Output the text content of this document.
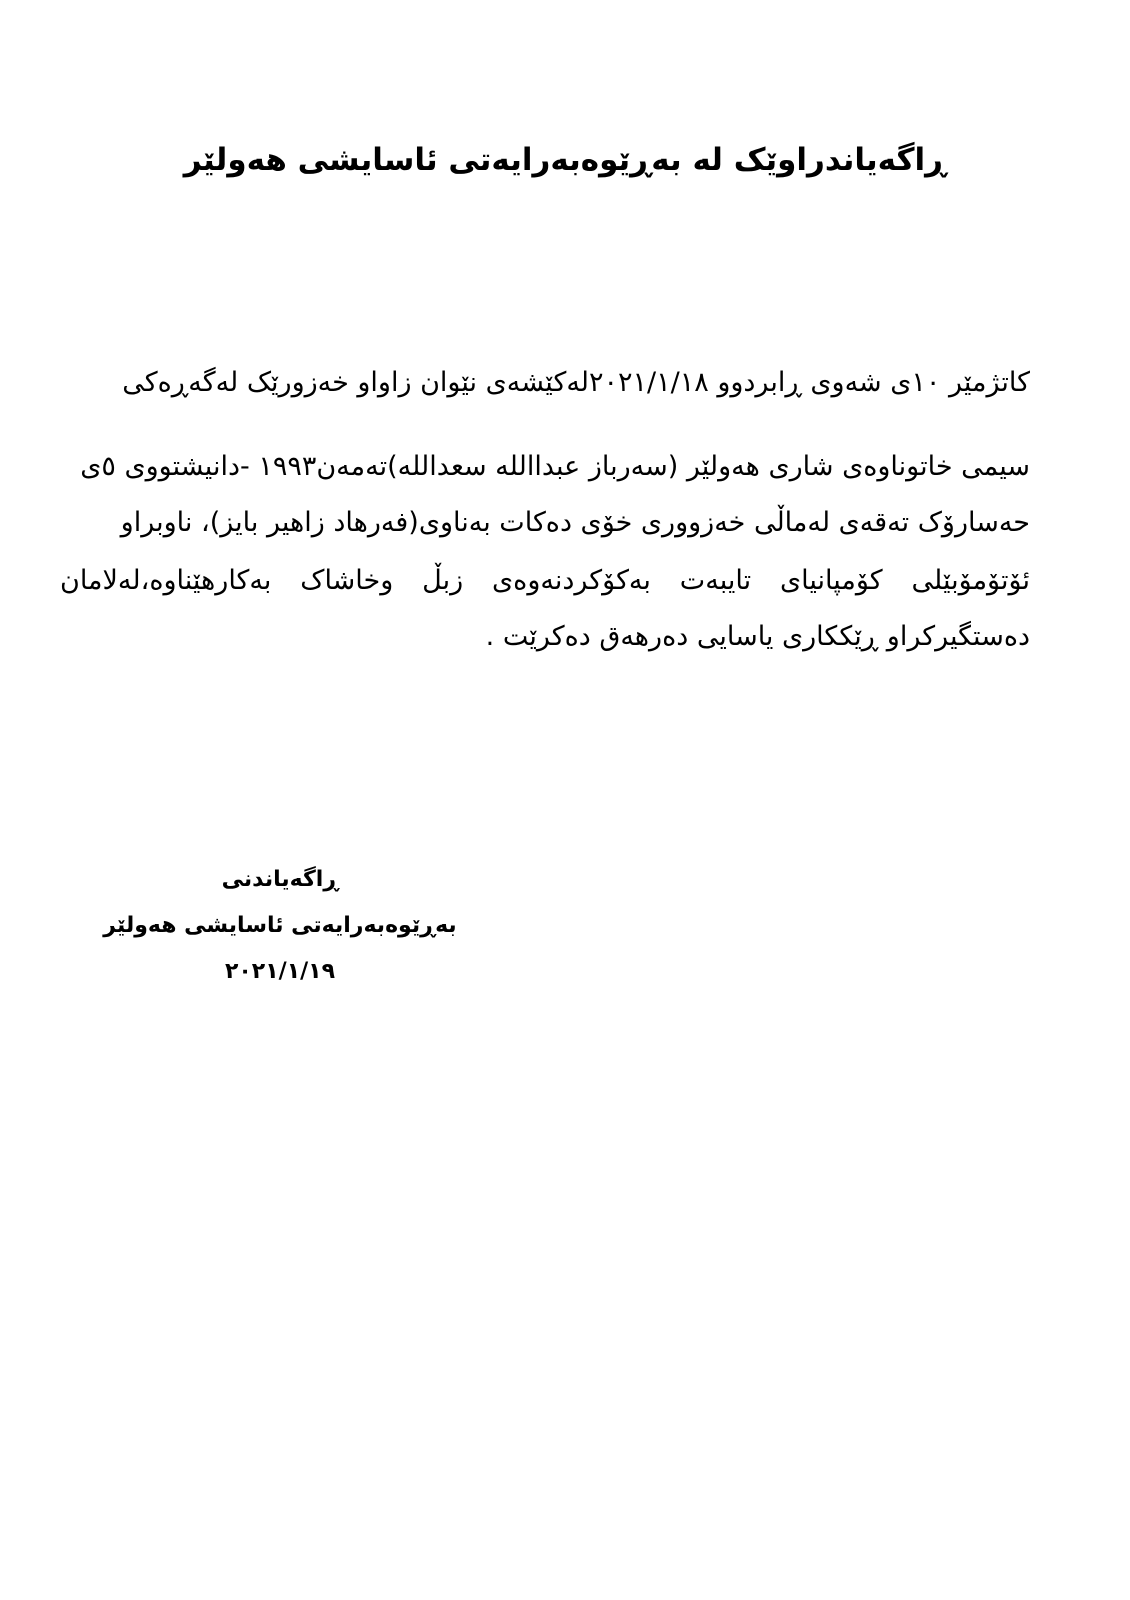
ڕاگەیاندراوێک لە بەڕێوەبەرایەتی ئاسایشی هەولێر

کاتژمێر ١٠ی شەوی ڕابردوو ٢٠٢١/١/١٨لەکێشەی نێوان زاواو خەزورێک لەگەڕەکی

سیمی خاتوناوەی شاری هەولێر (سەرباز عبداالله سعدالله)تەمەن١٩٩٣ -دانیشتووی ٥ی

حەسارۆک تەقەی لەماڵی خەزووری خۆی دەکات بەناوی(فەرهاد زاهیر بایز)، ناوبراو

ئۆتۆمۆبێلی کۆمپانیای تایبەت بەکۆکردنەوەی زبڵ وخاشاک بەکارهێناوە،لەلامان

دەستگیرکراو ڕێککاری یاسایی دەرهەق دەکرێت .

ڕاگەیاندنی
بەڕێوەبەرایەتی ئاسایشی هەولێر
٢٠٢١/١/١٩
